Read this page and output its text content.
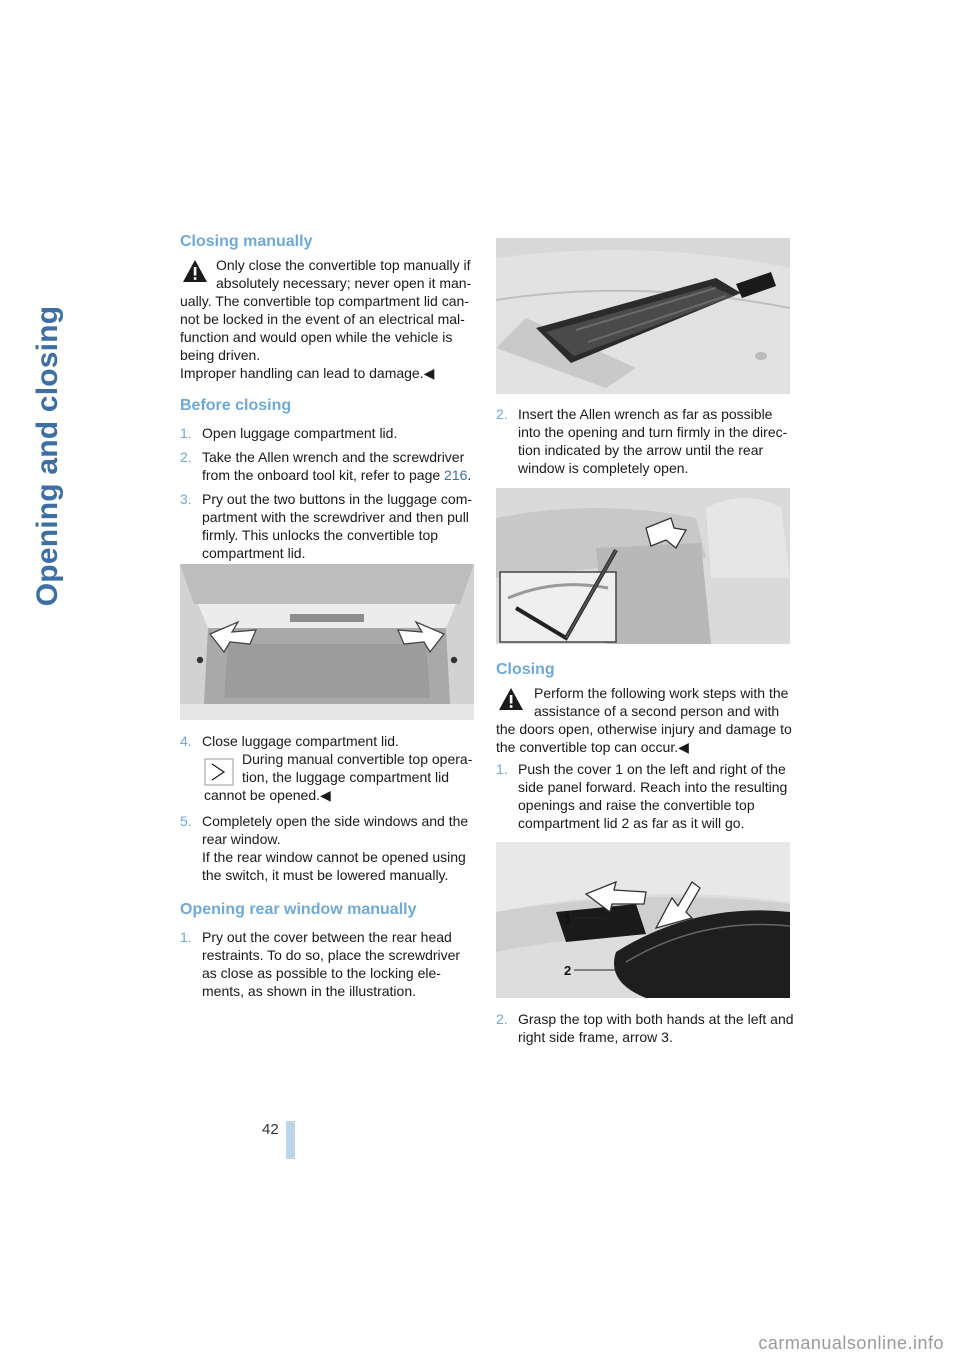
Opening and closing
42
Closing manually

Only close the convertible top manually if

absolutely necessary; never open it man-

ually. The convertible top compartment lid can-

not be locked in the event of an electrical mal-

function and would open while the vehicle is

being driven.

Improper handling can lead to damage.◀

Before closing
1. Open luggage compartment lid.

2. Take the Allen wrench and the screwdriver

from the onboard tool kit, refer to page 216.

3. Pry out the two buttons in the luggage com-

partment with the screwdriver and then pull

firmly. This unlocks the convertible top

compartment lid.

4. Close luggage compartment lid.

During manual convertible top opera-

tion, the luggage compartment lid

cannot be opened.◀

5. Completely open the side windows and the

rear window.

If the rear window cannot be opened using

the switch, it must be lowered manually.

Opening rear window manually
1. Pry out the cover between the rear head

restraints. To do so, place the screwdriver

as close as possible to the locking ele-

ments, as shown in the illustration.

2. Insert the Allen wrench as far as possible

into the opening and turn firmly in the direc-

tion indicated by the arrow until the rear

window is completely open.

Closing

Perform the following work steps with the

assistance of a second person and with

the doors open, otherwise injury and damage to

the convertible top can occur.◀

1. Push the cover 1 on the left and right of the

side panel forward. Reach into the resulting

openings and raise the convertible top

compartment lid 2 as far as it will go.

1
2
2. Grasp the top with both hands at the left and

right side frame, arrow 3.

carmanualsonline.info
